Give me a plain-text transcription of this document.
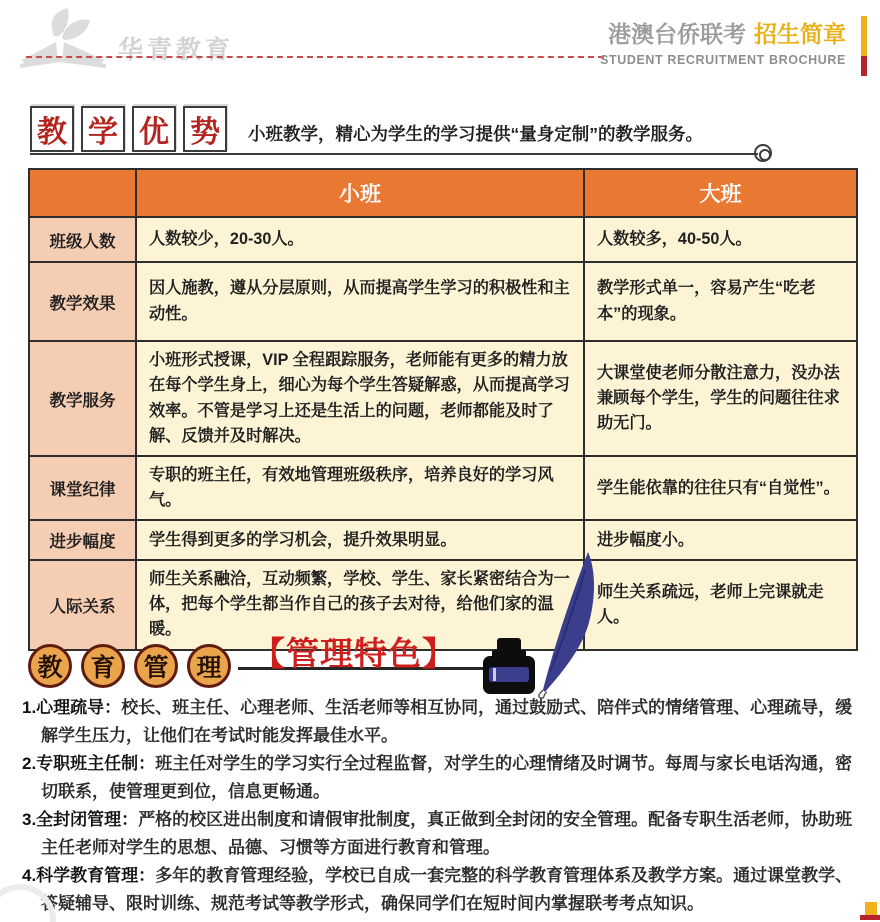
华青教育
港澳台侨联考 招生简章
STUDENT RECRUITMENT BROCHURE
教 学 优 势	小班教学，精心为学生的学习提供“量身定制”的教学服务。
	小班	大班
班级人数	人数较少，20-30人。	人数较多，40-50人。
教学效果	因人施教，遵从分层原则，从而提高学生学习的积极性和主动性。	教学形式单一，容易产生“吃老本”的现象。
教学服务	小班形式授课，VIP 全程跟踪服务，老师能有更多的精力放在每个学生身上，细心为每个学生答疑解惑，从而提高学习效率。不管是学习上还是生活上的问题，老师都能及时了解、反馈并及时解决。	大课堂使老师分散注意力，没办法兼顾每个学生，学生的问题往往求助无门。
课堂纪律	专职的班主任，有效地管理班级秩序，培养良好的学习风气。	学生能依靠的往往只有“自觉性”。
进步幅度	学生得到更多的学习机会，提升效果明显。	进步幅度小。
人际关系	师生关系融洽，互动频繁，学校、学生、家长紧密结合为一体，把每个学生都当作自己的孩子去对待，给他们家的温暖。	师生关系疏远，老师上完课就走人。
教	育	管	理 【管理特色】
1.心理疏导：校长、班主任、心理老师、生活老师等相互协同，通过鼓励式、陪伴式的情绪管理、心理疏导，缓解学生压力，让他们在考试时能发挥最佳水平。
2.专职班主任制：班主任对学生的学习实行全过程监督，对学生的心理情绪及时调节。每周与家长电话沟通，密切联系，使管理更到位，信息更畅通。
3.全封闭管理：严格的校区进出制度和请假审批制度，真正做到全封闭的安全管理。配备专职生活老师，协助班主任老师对学生的思想、品德、习惯等方面进行教育和管理。
4.科学教育管理：多年的教育管理经验，学校已自成一套完整的科学教育管理体系及教学方案。通过课堂教学、答疑辅导、限时训练、规范考试等教学形式，确保同学们在短时间内掌握联考考点知识。
